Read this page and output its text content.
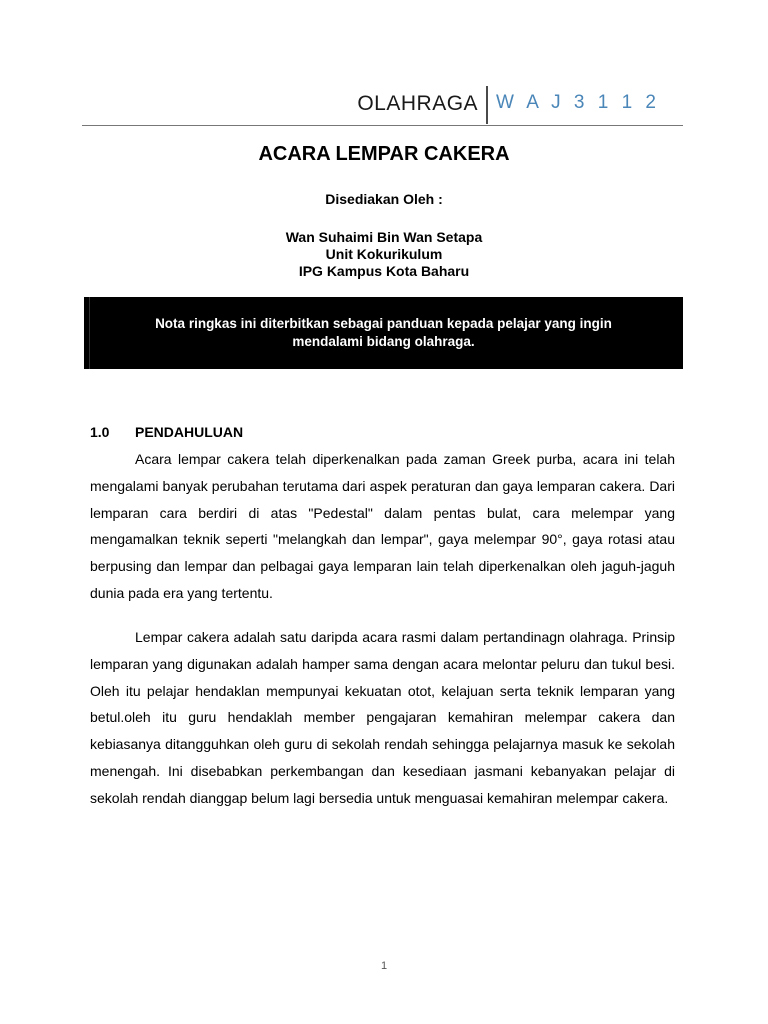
OLAHRAGA W A J 3 1 1 2
ACARA LEMPAR CAKERA
Disediakan Oleh :
Wan Suhaimi Bin Wan Setapa
Unit Kokurikulum
IPG Kampus Kota Baharu
Nota ringkas ini diterbitkan sebagai panduan kepada pelajar yang ingin mendalami bidang olahraga.
1.0	PENDAHULUAN
Acara lempar cakera telah diperkenalkan pada zaman Greek purba, acara ini telah mengalami banyak perubahan terutama dari aspek peraturan dan gaya lemparan cakera. Dari lemparan cara berdiri di atas "Pedestal" dalam pentas bulat, cara melempar yang mengamalkan teknik seperti "melangkah dan lempar", gaya melempar 90°, gaya rotasi atau berpusing dan lempar dan pelbagai gaya lemparan lain telah diperkenalkan oleh jaguh-jaguh dunia pada era yang tertentu.
Lempar cakera adalah satu daripda acara rasmi dalam pertandinagn olahraga. Prinsip lemparan yang digunakan adalah hamper sama dengan acara melontar peluru dan tukul besi. Oleh itu pelajar hendaklan mempunyai kekuatan otot, kelajuan serta teknik lemparan yang betul.oleh itu guru hendaklah member pengajaran kemahiran melempar cakera dan kebiasanya ditangguhkan oleh guru di sekolah rendah sehingga pelajarnya masuk ke sekolah menengah. Ini disebabkan perkembangan dan kesediaan jasmani kebanyakan pelajar di sekolah rendah dianggap belum lagi bersedia untuk menguasai kemahiran melempar cakera.
1
